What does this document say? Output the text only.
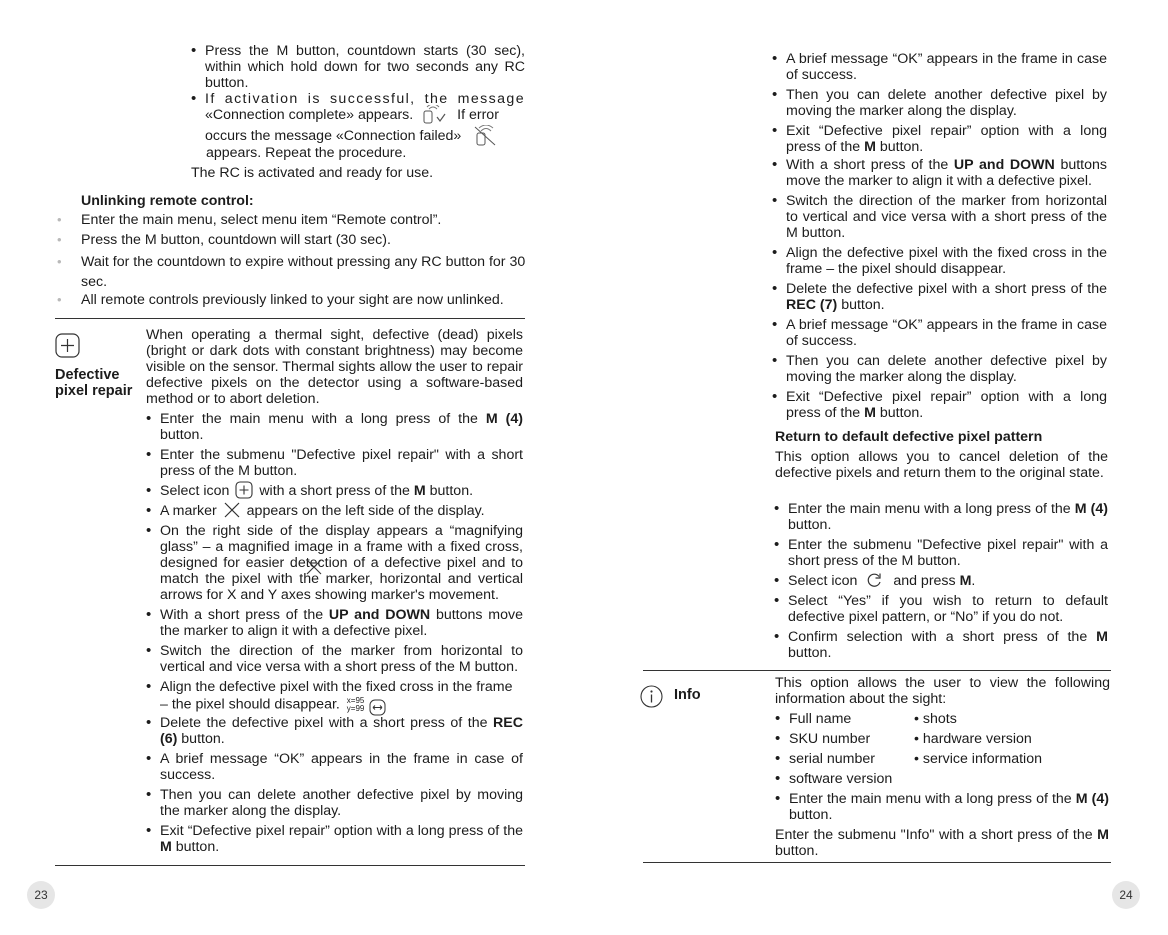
• Press the M button, countdown starts (30 sec), within which hold down for two seconds any RC button.
• If activation is successful, the message
«Connection complete» appears.	If error
occurs the message «Connection failed»
appears. Repeat the procedure.
The RC is activated and ready for use.
Unlinking remote control:
• Enter the main menu, select menu item “Remote control”.
• Press the M button, countdown will start (30 sec).
• Wait for the countdown to expire without pressing any RC button for 30 sec.
• All remote controls previously linked to your sight are now unlinked.
Defective
pixel repair
When operating a thermal sight, defective (dead) pixels (bright or dark dots with constant brightness) may become visible on the sensor. Thermal sights allow the user to repair defective pixels on the detector using a software-based method or to abort deletion.
• Enter the main menu with a long press of the M (4) button.
• Enter the submenu "Defective pixel repair" with a short press of the M button.
• Select icon with a short press of the M button.
• A marker appears on the left side of the display.
• On the right side of the display appears a “magnifying glass” – a magnified image in a frame with a fixed cross, designed for easier detection of a defective pixel and to match the pixel with the marker, horizontal and vertical arrows for X and Y axes showing marker's movement.
• With a short press of the UP and DOWN buttons move the marker to align it with a defective pixel.
• Switch the direction of the marker from horizontal to vertical and vice versa with a short press of the M button.
• Align the defective pixel with the fixed cross in the frame
– the pixel should disappear. x=95
y=99
• Delete the defective pixel with a short press of the REC
(6) button.
• A brief message “OK” appears in the frame in case of success.
• Then you can delete another defective pixel by moving the marker along the display.
• Exit “Defective pixel repair” option with a long press of the M button.
23
• A brief message “OK” appears in the frame in case of success.
• Then you can delete another defective pixel by moving the marker along the display.
• Exit “Defective pixel repair” option with a long press of the M button.
• With a short press of the UP and DOWN buttons move the marker to align it with a defective pixel.
• Switch the direction of the marker from horizontal to vertical and vice versa with a short press of the M button.
• Align the defective pixel with the fixed cross in the frame – the pixel should disappear.
• Delete the defective pixel with a short press of the REC (7) button.
• A brief message “OK” appears in the frame in case of success.
• Then you can delete another defective pixel by moving the marker along the display.
• Exit “Defective pixel repair” option with a long press of the M button.
Return to default defective pixel pattern
This option allows you to cancel deletion of the defective pixels and return them to the original state.
• Enter the main menu with a long press of the M (4) button.
• Enter the submenu "Defective pixel repair" with a short press of the M button.
• Select icon	and press M.
• Select “Yes” if you wish to return to default defective pixel pattern, or “No” if you do not.
• Confirm selection with a short press of the M button.
Info
This option allows the user to view the following information about the sight:
• Full name
• SKU number
• serial number
• software version
• shots
• hardware version
• service information
• Enter the main menu with a long press of the M (4) button.
Enter the submenu "Info" with a short press of the M button.
24
